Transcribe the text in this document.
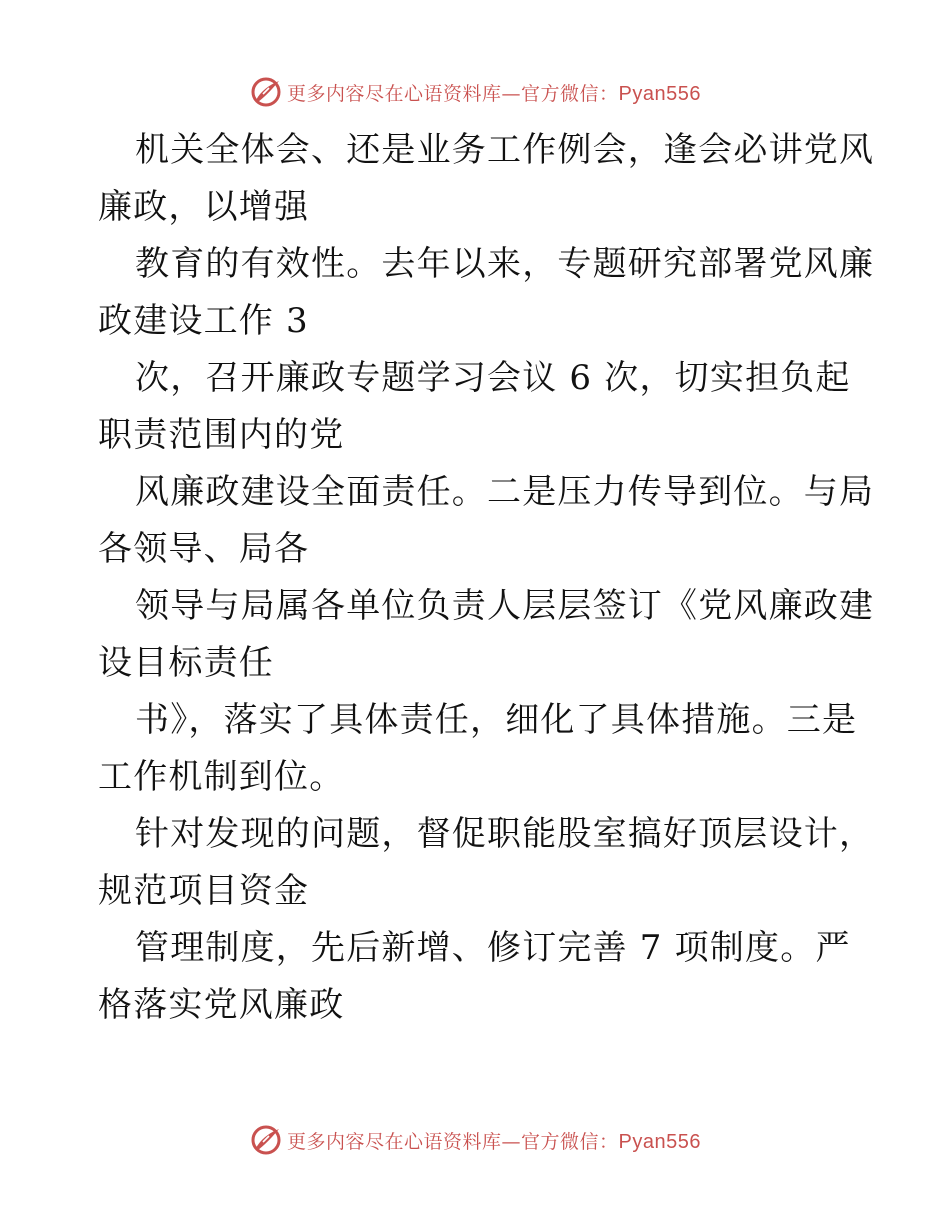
更多内容尽在心语资料库—官方微信：Pyan556
机关全体会、还是业务工作例会，逢会必讲党风
廉政，以增强
教育的有效性。去年以来，专题研究部署党风廉
政建设工作 3
次，召开廉政专题学习会议 6 次，切实担负起
职责范围内的党
风廉政建设全面责任。二是压力传导到位。与局
各领导、局各
领导与局属各单位负责人层层签订《党风廉政建
设目标责任
书》，落实了具体责任，细化了具体措施。三是
工作机制到位。
针对发现的问题，督促职能股室搞好顶层设计，
规范项目资金
管理制度，先后新增、修订完善 7 项制度。严
格落实党风廉政
更多内容尽在心语资料库—官方微信：Pyan556
